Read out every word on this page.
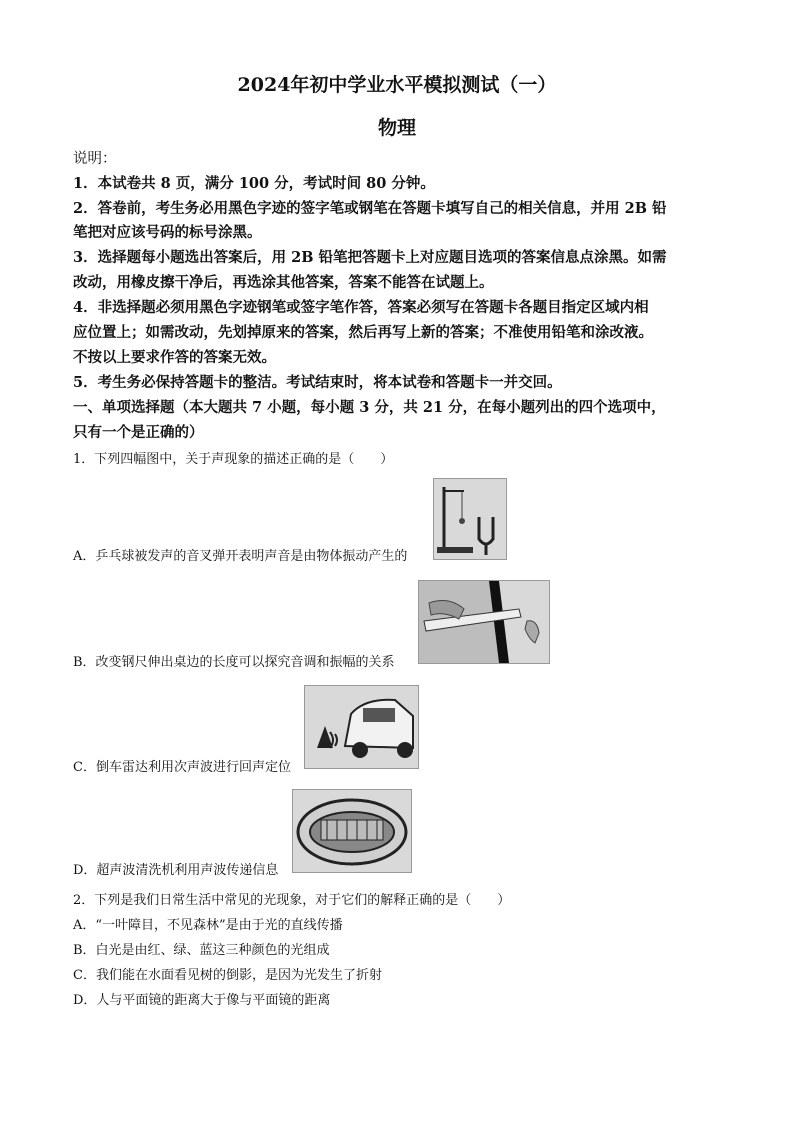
2024年初中学业水平模拟测试（一）
物理
说明：
1．本试卷共 8 页，满分 100 分，考试时间 80 分钟。
2．答卷前，考生务必用黑色字迹的签字笔或钢笔在答题卡填写自己的相关信息，并用 2B 铅
笔把对应该号码的标号涂黑。
3．选择题每小题选出答案后，用 2B 铅笔把答题卡上对应题目选项的答案信息点涂黑。如需
改动，用橡皮擦干净后，再选涂其他答案，答案不能答在试题上。
4．非选择题必须用黑色字迹钢笔或签字笔作答，答案必须写在答题卡各题目指定区域内相
应位置上；如需改动，先划掉原来的答案，然后再写上新的答案；不准使用铅笔和涂改液。
不按以上要求作答的答案无效。
5．考生务必保持答题卡的整洁。考试结束时，将本试卷和答题卡一并交回。
一、单项选择题（本大题共 7 小题，每小题 3 分，共 21 分，在每小题列出的四个选项中，
只有一个是正确的）
1．下列四幅图中，关于声现象的描述正确的是（　　）
A．乒乓球被发声的音叉弹开表明声音是由物体振动产生的
B．改变钢尺伸出桌边的长度可以探究音调和振幅的关系
C．倒车雷达利用次声波进行回声定位
D．超声波清洗机利用声波传递信息
2．下列是我们日常生活中常见的光现象，对于它们的解释正确的是（　　）
A．“一叶障目，不见森林”是由于光的直线传播
B．白光是由红、绿、蓝这三种颜色的光组成
C．我们能在水面看见树的倒影，是因为光发生了折射
D．人与平面镜的距离大于像与平面镜的距离
